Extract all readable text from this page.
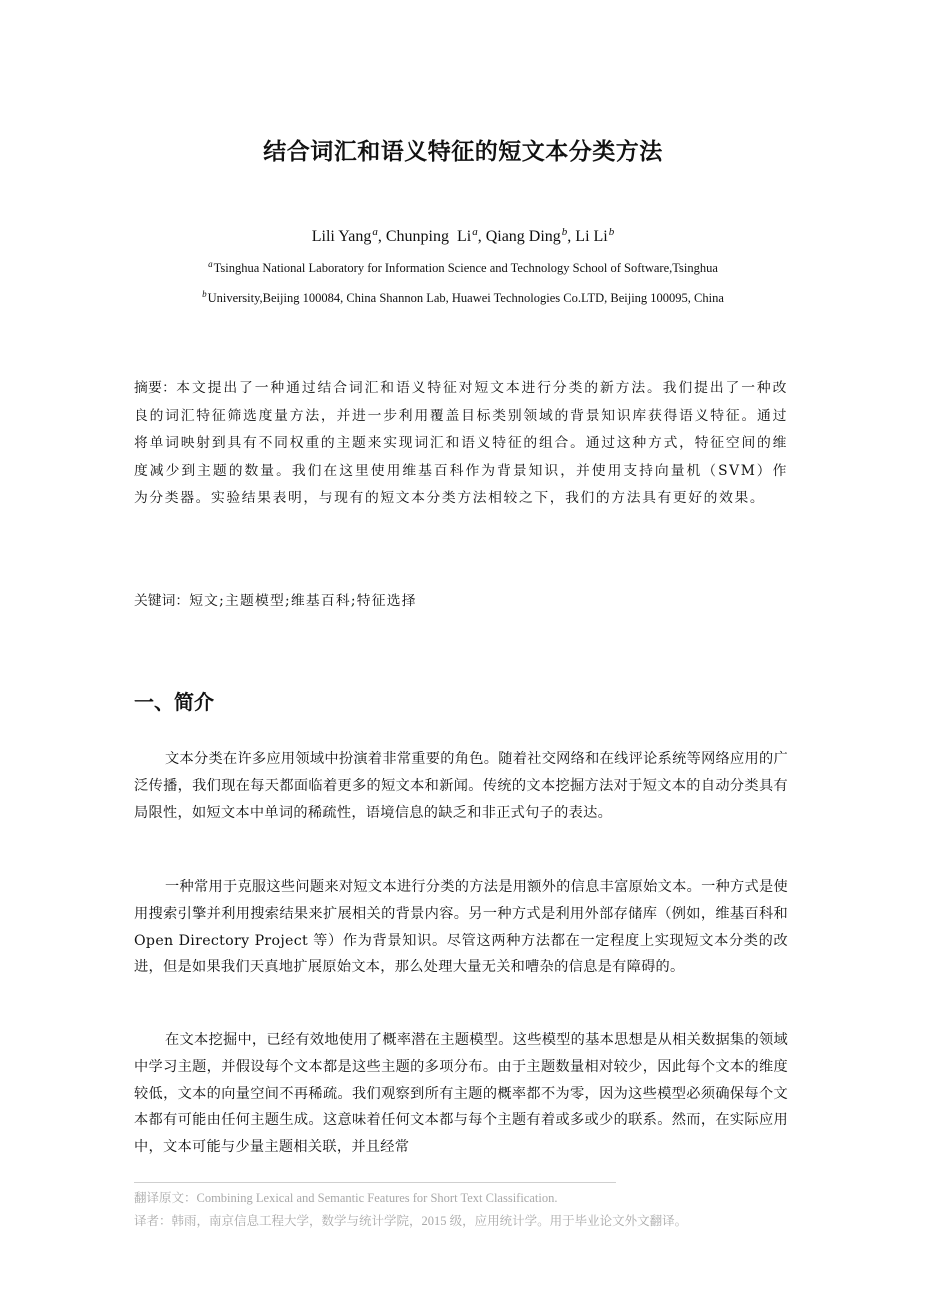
结合词汇和语义特征的短文本分类方法
Lili Yang$^a$, Chunping  Li$^a$, Qiang Ding$^b$, Li Li$^b$
$^a$Tsinghua National Laboratory for Information Science and Technology School of Software,Tsinghua
$^b$University,Beijing 100084, China Shannon Lab, Huawei Technologies Co.LTD, Beijing 100095, China
摘要：本文提出了一种通过结合词汇和语义特征对短文本进行分类的新方法。我们提出了一种改良的词汇特征筛选度量方法，并进一步利用覆盖目标类别领域的背景知识库获得语义特征。通过将单词映射到具有不同权重的主题来实现词汇和语义特征的组合。通过这种方式，特征空间的维度减少到主题的数量。我们在这里使用维基百科作为背景知识，并使用支持向量机（SVM）作为分类器。实验结果表明，与现有的短文本分类方法相较之下，我们的方法具有更好的效果。
关键词：短文;主题模型;维基百科;特征选择
一、简介

文本分类在许多应用领域中扮演着非常重要的角色。随着社交网络和在线评论系统等网络应用的广泛传播，我们现在每天都面临着更多的短文本和新闻。传统的文本挖掘方法对于短文本的自动分类具有局限性，如短文本中单词的稀疏性，语境信息的缺乏和非正式句子的表达。

一种常用于克服这些问题来对短文本进行分类的方法是用额外的信息丰富原始文本。一种方式是使用搜索引擎并利用搜索结果来扩展相关的背景内容。另一种方式是利用外部存储库（例如，维基百科和 Open Directory Project 等）作为背景知识。尽管这两种方法都在一定程度上实现短文本分类的改进，但是如果我们天真地扩展原始文本，那么处理大量无关和嘈杂的信息是有障碍的。

在文本挖掘中，已经有效地使用了概率潜在主题模型。这些模型的基本思想是从相关数据集的领域中学习主题，并假设每个文本都是这些主题的多项分布。由于主题数量相对较少，因此每个文本的维度较低，文本的向量空间不再稀疏。我们观察到所有主题的概率都不为零，因为这些模型必须确保每个文本都有可能由任何主题生成。这意味着任何文本都与每个主题有着或多或少的联系。然而，在实际应用中，文本可能与少量主题相关联，并且经常

翻译原文：Combining Lexical and Semantic Features for Short Text Classification.
译者：韩雨，南京信息工程大学，数学与统计学院，2015 级，应用统计学。用于毕业论文外文翻译。
